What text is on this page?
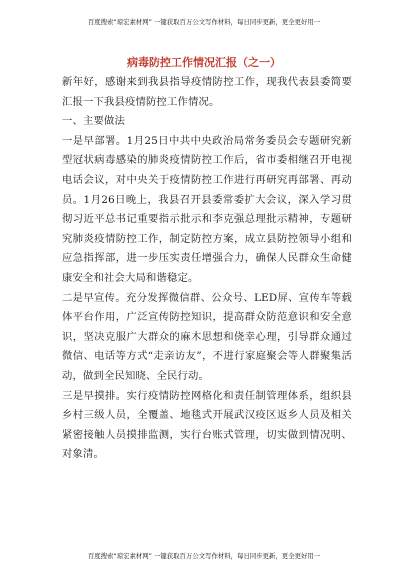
百度搜索“琼宏素材网” 一键获取百万公文写作材料，每日同步更新，更全更好用一
病毒防控工作情况汇报（之一）

新年好，感谢来到我县指导疫情防控工作，现我代表县委简要汇报一下我县疫情防控工作情况。

一、主要做法

一是早部署。1月25日中共中央政治局常务委员会专题研究新型冠状病毒感染的肺炎疫情防控工作后，省市委相继召开电视电话会议，对中央关于疫情防控工作进行再研究再部署、再动员。1月26日晚上，我县召开县委常委扩大会议，深入学习贯彻习近平总书记重要指示批示和李克强总理批示精神，专题研究肺炎疫情防控工作，制定防控方案，成立县防控领导小组和应急指挥部，进一步压实责任增强合力，确保人民群众生命健康安全和社会大局和谐稳定。

二是早宣传。充分发挥微信群、公众号、LED屏、宣传车等载体平台作用，广泛宣传防控知识，提高群众防范意识和安全意识，坚决克服广大群众的麻木思想和侥幸心理，引导群众通过微信、电话等方式“走亲访友”，不进行家庭聚会等人群聚集活动，做到全民知晓、全民行动。

三是早摸排。实行疫情防控网格化和责任制管理体系，组织县乡村三级人员，全覆盖、地毯式开展武汉疫区返乡人员及相关紧密接触人员摸排监测，实行台账式管理，切实做到情况明、对象清。

百度搜索“琼宏素材网” 一键获取百万公文写作材料，每日同步更新，更全更好用一
